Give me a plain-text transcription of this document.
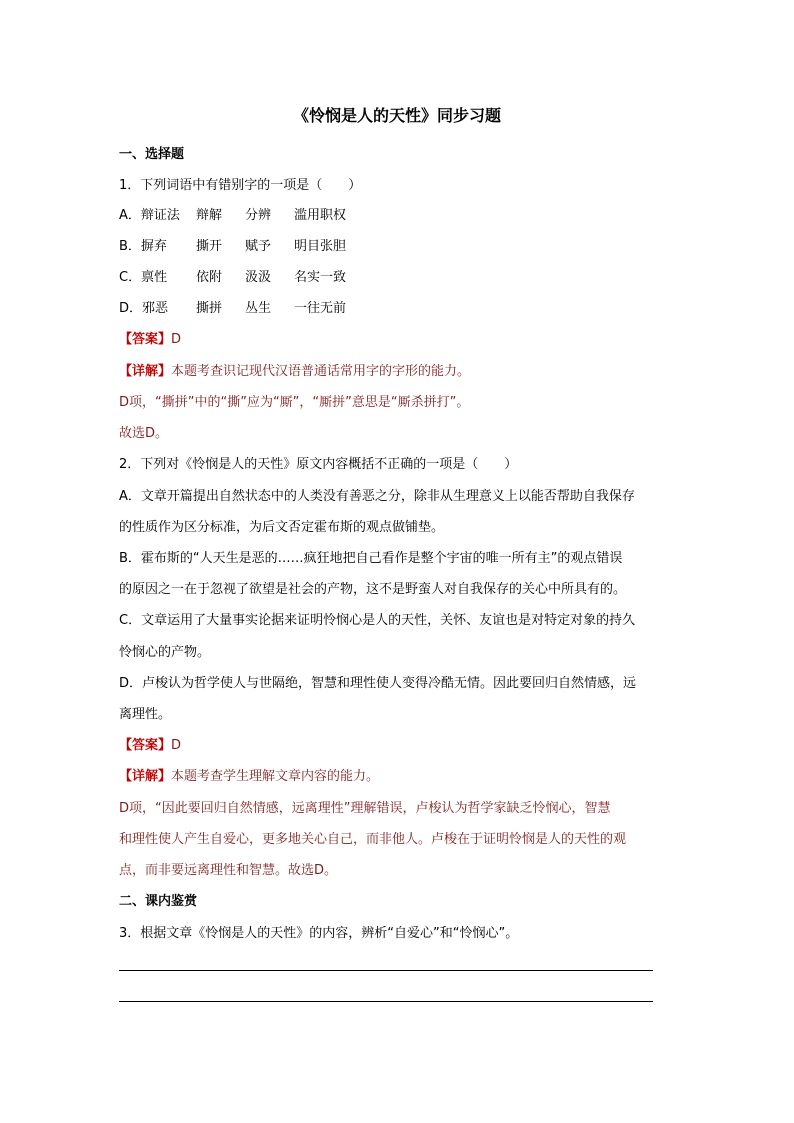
《怜悯是人的天性》同步习题
一、选择题
1．下列词语中有错别字的一项是（　　）
A．辩证法 辩解 分辨 滥用职权
B．摒弃 撕开 赋予 明目张胆
C．禀性 依附 汲汲 名实一致
D．邪恶 撕拼 丛生 一往无前
【答案】D
【详解】本题考查识记现代汉语普通话常用字的字形的能力。
D项，“撕拼”中的“撕”应为“厮”，“厮拼”意思是“厮杀拼打”。
故选D。
2．下列对《怜悯是人的天性》原文内容概括不正确的一项是（　　）
A．文章开篇提出自然状态中的人类没有善恶之分，除非从生理意义上以能否帮助自我保存
的性质作为区分标准，为后文否定霍布斯的观点做铺垫。
B．霍布斯的“人天生是恶的……疯狂地把自己看作是整个宇宙的唯一所有主”的观点错误
的原因之一在于忽视了欲望是社会的产物，这不是野蛮人对自我保存的关心中所具有的。
C．文章运用了大量事实论据来证明怜悯心是人的天性，关怀、友谊也是对特定对象的持久
怜悯心的产物。
D．卢梭认为哲学使人与世隔绝，智慧和理性使人变得冷酷无情。因此要回归自然情感，远
离理性。
【答案】D
【详解】本题考查学生理解文章内容的能力。
D项，“因此要回归自然情感，远离理性”理解错误，卢梭认为哲学家缺乏怜悯心，智慧
和理性使人产生自爱心，更多地关心自己，而非他人。卢梭在于证明怜悯是人的天性的观
点，而非要远离理性和智慧。故选D。
二、课内鉴赏
3．根据文章《怜悯是人的天性》的内容，辨析“自爱心”和“怜悯心”。
